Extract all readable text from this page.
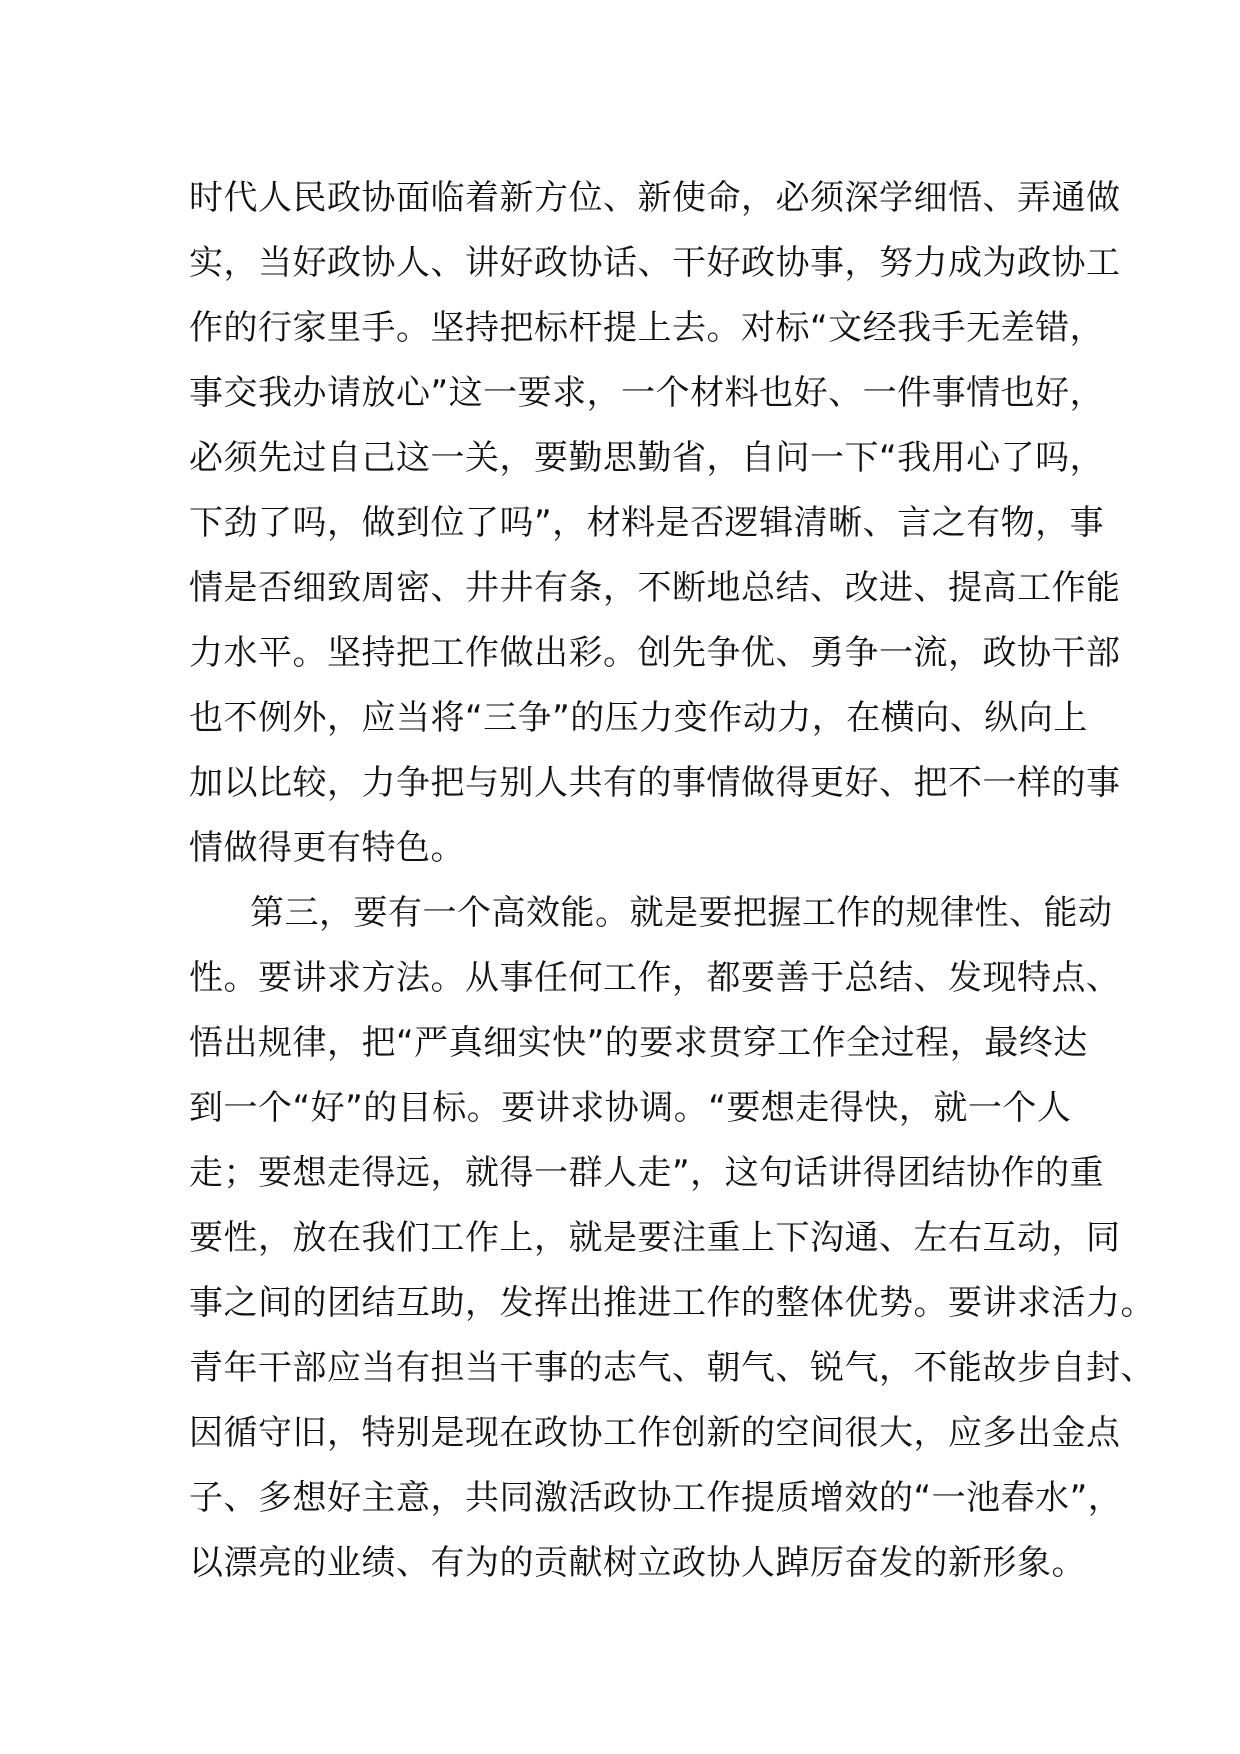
时代人民政协面临着新方位、新使命，必须深学细悟、弄通做
实，当好政协人、讲好政协话、干好政协事，努力成为政协工
作的行家里手。坚持把标杆提上去。对标“文经我手无差错，
事交我办请放心”这一要求，一个材料也好、一件事情也好，
必须先过自己这一关，要勤思勤省，自问一下“我用心了吗，
下劲了吗，做到位了吗”，材料是否逻辑清晰、言之有物，事
情是否细致周密、井井有条，不断地总结、改进、提高工作能
力水平。坚持把工作做出彩。创先争优、勇争一流，政协干部
也不例外，应当将“三争”的压力变作动力，在横向、纵向上
加以比较，力争把与别人共有的事情做得更好、把不一样的事
情做得更有特色。
第三，要有一个高效能。就是要把握工作的规律性、能动
性。要讲求方法。从事任何工作，都要善于总结、发现特点、
悟出规律，把“严真细实快”的要求贯穿工作全过程，最终达
到一个“好”的目标。要讲求协调。“要想走得快，就一个人
走；要想走得远，就得一群人走”，这句话讲得团结协作的重
要性，放在我们工作上，就是要注重上下沟通、左右互动，同
事之间的团结互助，发挥出推进工作的整体优势。要讲求活力。
青年干部应当有担当干事的志气、朝气、锐气，不能故步自封、
因循守旧，特别是现在政协工作创新的空间很大，应多出金点
子、多想好主意，共同激活政协工作提质增效的“一池春水”，
以漂亮的业绩、有为的贡献树立政协人踔厉奋发的新形象。
